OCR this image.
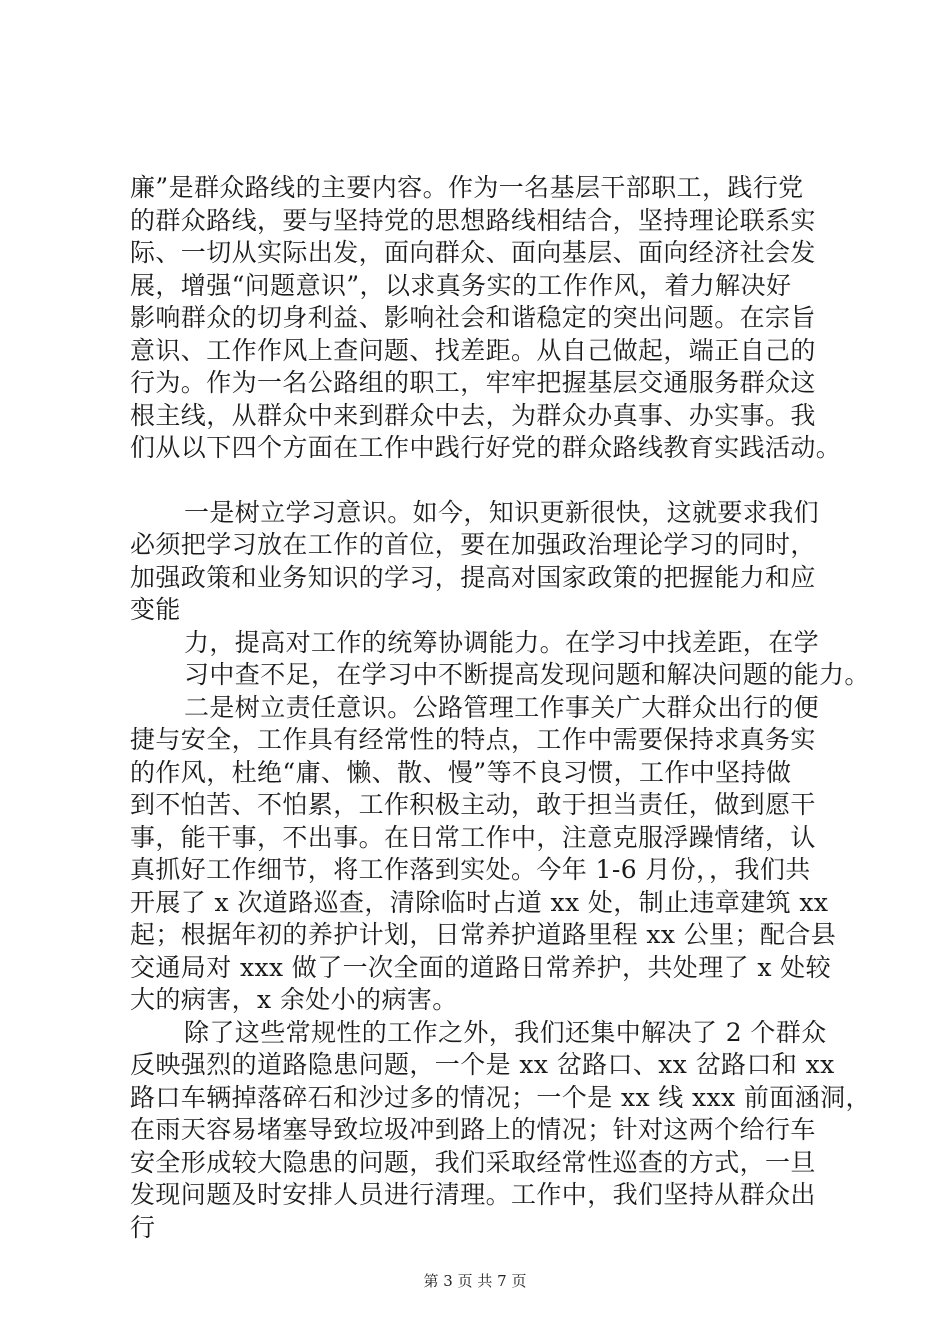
廉”是群众路线的主要内容。作为一名基层干部职工，践行党
的群众路线，要与坚持党的思想路线相结合，坚持理论联系实
际、一切从实际出发，面向群众、面向基层、面向经济社会发
展，增强“问题意识”，以求真务实的工作作风，着力解决好
影响群众的切身利益、影响社会和谐稳定的突出问题。在宗旨
意识、工作作风上查问题、找差距。从自己做起，端正自己的
行为。作为一名公路组的职工，牢牢把握基层交通服务群众这
根主线，从群众中来到群众中去，为群众办真事、办实事。我
们从以下四个方面在工作中践行好党的群众路线教育实践活动。

一是树立学习意识。如今，知识更新很快，这就要求我们
必须把学习放在工作的首位，要在加强政治理论学习的同时，
加强政策和业务知识的学习，提高对国家政策的把握能力和应
变能

力，提高对工作的统筹协调能力。在学习中找差距，在学
习中查不足，在学习中不断提高发现问题和解决问题的能力。

二是树立责任意识。公路管理工作事关广大群众出行的便
捷与安全，工作具有经常性的特点，工作中需要保持求真务实
的作风，杜绝“庸、懒、散、慢”等不良习惯，工作中坚持做
到不怕苦、不怕累，工作积极主动，敢于担当责任，做到愿干
事，能干事，不出事。在日常工作中，注意克服浮躁情绪，认
真抓好工作细节，将工作落到实处。今年 1-6 月份，，我们共
开展了 x 次道路巡查，清除临时占道 xx 处，制止违章建筑 xx
起；根据年初的养护计划，日常养护道路里程 xx 公里；配合县
交通局对 xxx 做了一次全面的道路日常养护，共处理了 x 处较
大的病害，x 余处小的病害。

除了这些常规性的工作之外，我们还集中解决了 2 个群众
反映强烈的道路隐患问题，一个是 xx 岔路口、xx 岔路口和 xx
路口车辆掉落碎石和沙过多的情况；一个是 xx 线 xxx 前面涵洞，
在雨天容易堵塞导致垃圾冲到路上的情况；针对这两个给行车
安全形成较大隐患的问题，我们采取经常性巡查的方式，一旦
发现问题及时安排人员进行清理。工作中，我们坚持从群众出
行

第 3 页 共 7 页
